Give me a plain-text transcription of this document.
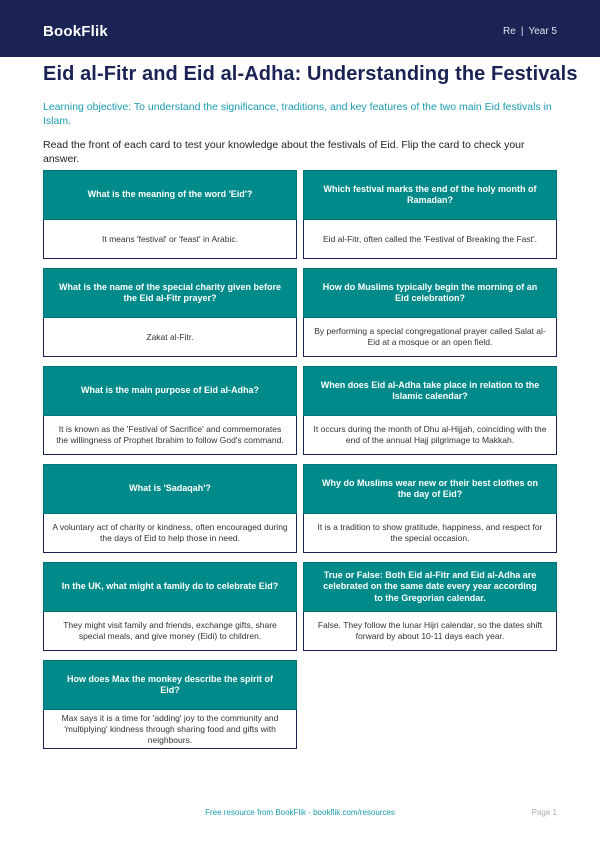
BookFlik	Re | Year 5
Eid al-Fitr and Eid al-Adha: Understanding the Festivals

Learning objective: To understand the significance, traditions, and key features of the two main Eid festivals in Islam.

Read the front of each card to test your knowledge about the festivals of Eid. Flip the card to check your answer.

What is the meaning of the word 'Eid'?
It means 'festival' or 'feast' in Arabic.
Which festival marks the end of the holy month of Ramadan?
Eid al-Fitr, often called the 'Festival of Breaking the Fast'.
What is the name of the special charity given before the Eid al-Fitr prayer?
Zakat al-Fitr.
How do Muslims typically begin the morning of an Eid celebration?
By performing a special congregational prayer called Salat al-Eid at a mosque or an open field.
What is the main purpose of Eid al-Adha?
It is known as the 'Festival of Sacrifice' and commemorates the willingness of Prophet Ibrahim to follow God's command.
When does Eid al-Adha take place in relation to the Islamic calendar?
It occurs during the month of Dhu al-Hijjah, coinciding with the end of the annual Hajj pilgrimage to Makkah.
What is 'Sadaqah'?
A voluntary act of charity or kindness, often encouraged during the days of Eid to help those in need.
Why do Muslims wear new or their best clothes on the day of Eid?
It is a tradition to show gratitude, happiness, and respect for the special occasion.
In the UK, what might a family do to celebrate Eid?
They might visit family and friends, exchange gifts, share special meals, and give money (Eidi) to children.
True or False: Both Eid al-Fitr and Eid al-Adha are celebrated on the same date every year according to the Gregorian calendar.
False. They follow the lunar Hijri calendar, so the dates shift forward by about 10-11 days each year.
How does Max the monkey describe the spirit of Eid?
Max says it is a time for 'adding' joy to the community and 'multiplying' kindness through sharing food and gifts with neighbours.
Free resource from BookFlik · bookflik.com/resources	Page 1
